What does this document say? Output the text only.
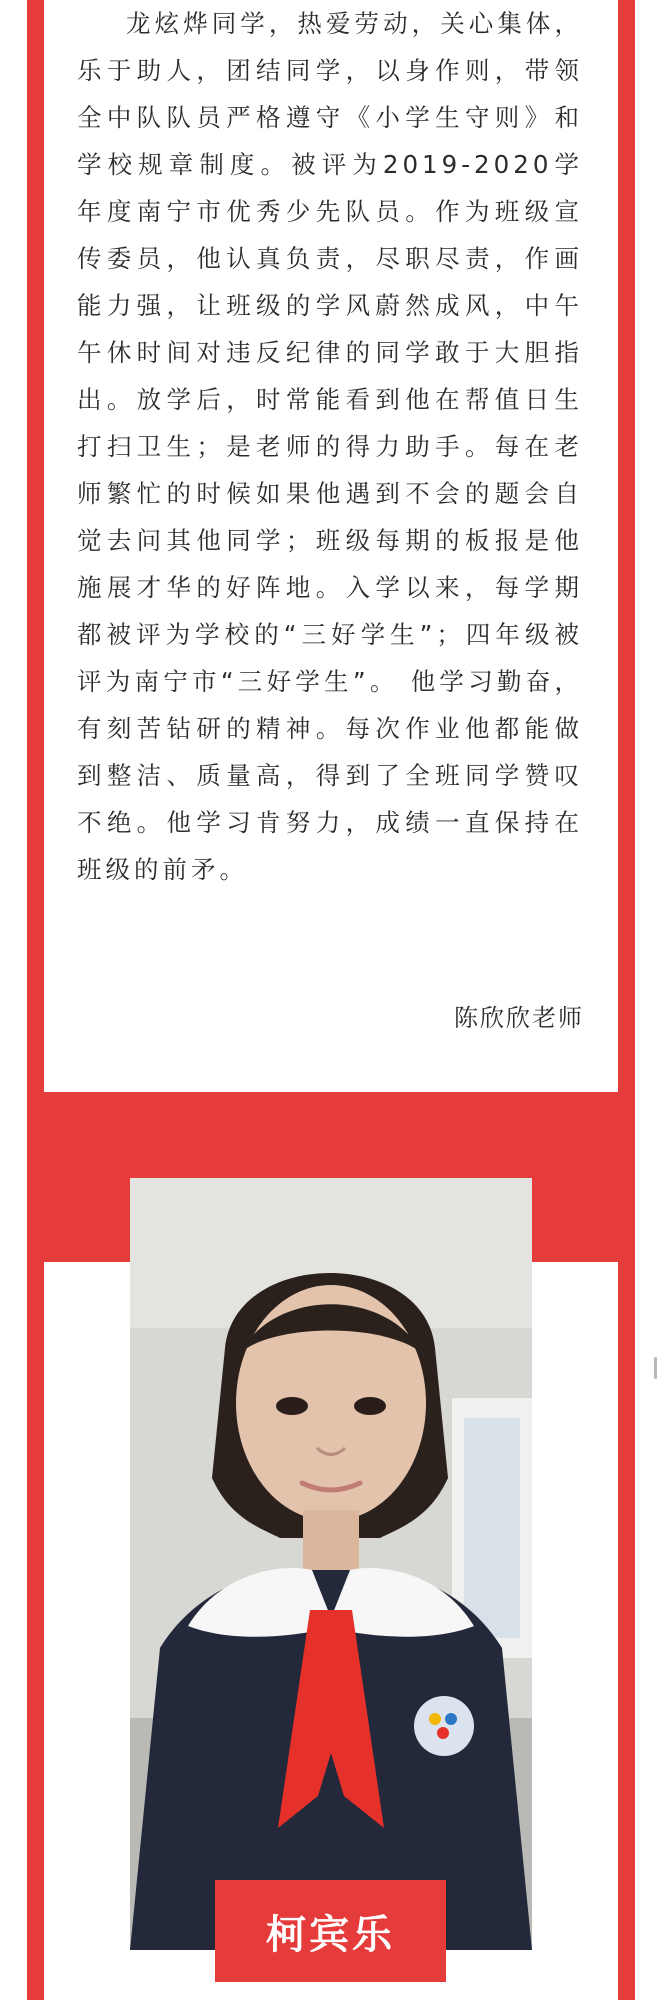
龙炫烨同学，热爱劳动，关心集体，乐于助人，团结同学，以身作则，带领全中队队员严格遵守《小学生守则》和学校规章制度。被评为2019-2020学年度南宁市优秀少先队员。作为班级宣传委员，他认真负责，尽职尽责，作画能力强，让班级的学风蔚然成风，中午午休时间对违反纪律的同学敢于大胆指出。放学后，时常能看到他在帮值日生打扫卫生；是老师的得力助手。每在老师繁忙的时候如果他遇到不会的题会自觉去问其他同学；班级每期的板报是他施展才华的好阵地。入学以来，每学期都被评为学校的“三好学生”；四年级被评为南宁市“三好学生”。 他学习勤奋，有刻苦钻研的精神。每次作业他都能做到整洁、质量高，得到了全班同学赞叹不绝。他学习肯努力，成绩一直保持在班级的前矛。

陈欣欣老师
柯宾乐
